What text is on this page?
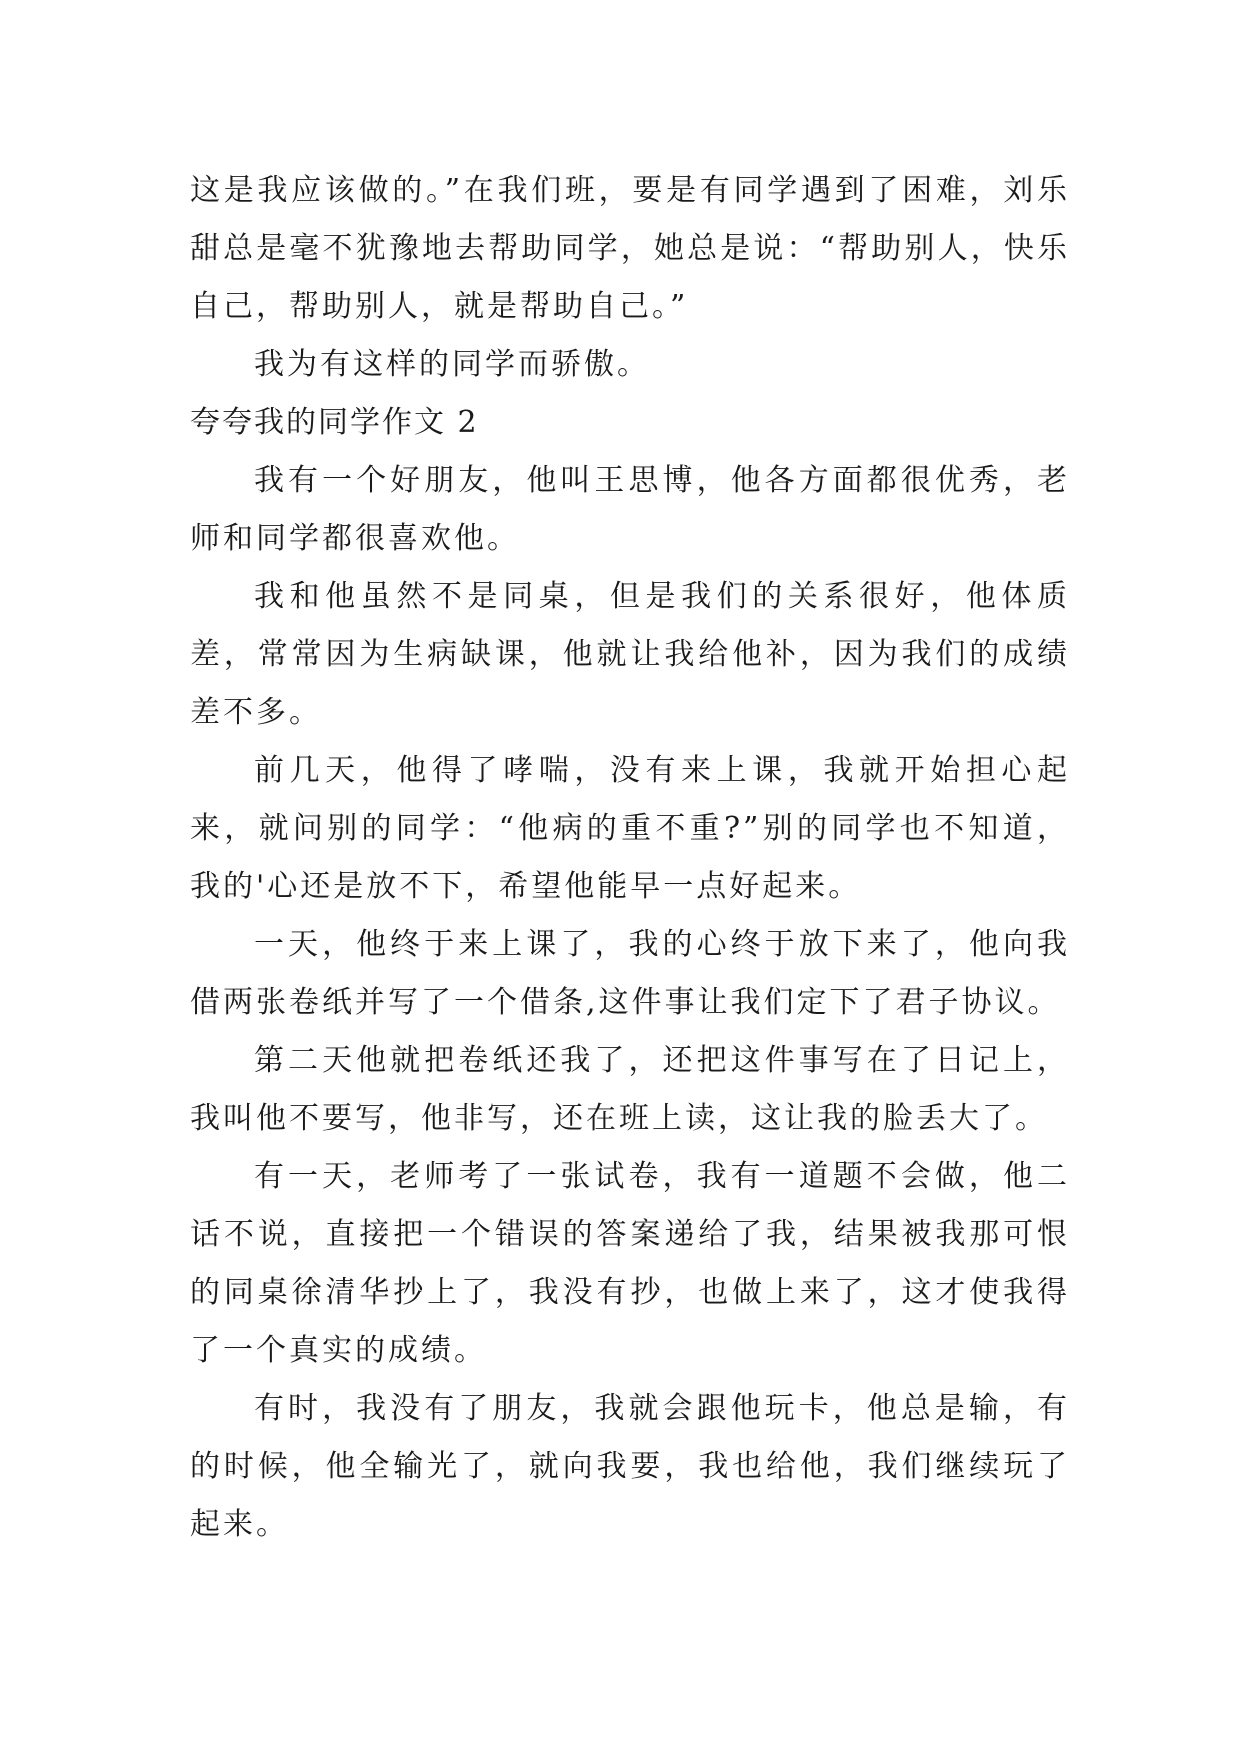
这是我应该做的。”在我们班，要是有同学遇到了困难，刘乐甜总是毫不犹豫地去帮助同学，她总是说：“帮助别人，快乐自己，帮助别人，就是帮助自己。”

我为有这样的同学而骄傲。

夸夸我的同学作文 2

我有一个好朋友，他叫王思博，他各方面都很优秀，老师和同学都很喜欢他。

我和他虽然不是同桌，但是我们的关系很好，他体质差，常常因为生病缺课，他就让我给他补，因为我们的成绩差不多。

前几天，他得了哮喘，没有来上课，我就开始担心起来，就问别的同学：“他病的重不重?”别的同学也不知道，我的'心还是放不下，希望他能早一点好起来。

一天，他终于来上课了，我的心终于放下来了，他向我借两张卷纸并写了一个借条,这件事让我们定下了君子协议。

第二天他就把卷纸还我了，还把这件事写在了日记上，我叫他不要写，他非写，还在班上读，这让我的脸丢大了。

有一天，老师考了一张试卷，我有一道题不会做，他二话不说，直接把一个错误的答案递给了我，结果被我那可恨的同桌徐清华抄上了，我没有抄，也做上来了，这才使我得了一个真实的成绩。

有时，我没有了朋友，我就会跟他玩卡，他总是输，有的时候，他全输光了，就向我要，我也给他，我们继续玩了起来。
